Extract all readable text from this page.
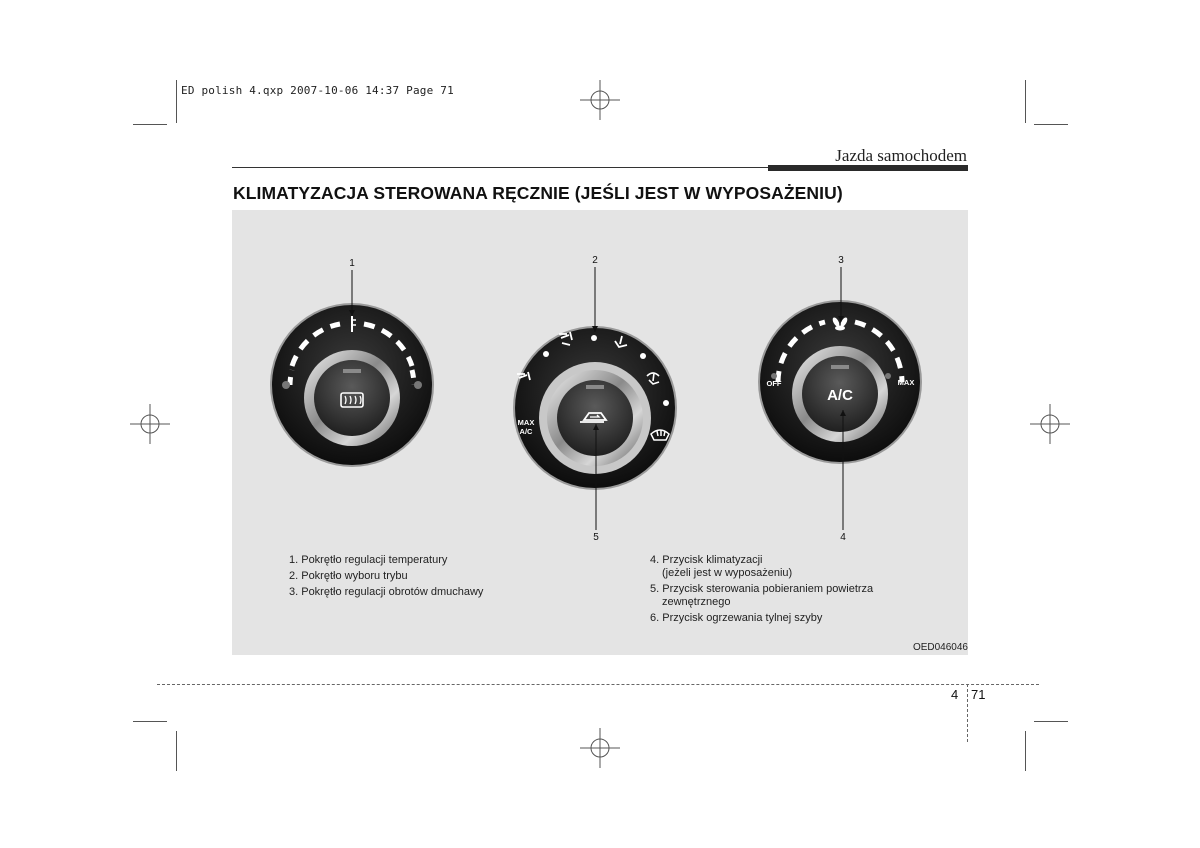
ED polish 4.qxp 2007-10-06 14:37 Page 71
Jazda samochodem
KLIMATYZACJA STEROWANA RĘCZNIE (JEŚLI JEST W WYPOSAŻENIU)
MAX
A/C
OFF	MAX
A/C
1	2	3
4
5
1. Pokrętło regulacji temperatury
2. Pokrętło wyboru trybu
3. Pokrętło regulacji obrotów dmuchawy
4. Przycisk klimatyzacji
(jeżeli jest w wyposażeniu)
5. Przycisk sterowania pobieraniem powietrza
zewnętrznego
6. Przycisk ogrzewania tylnej szyby
OED046046
4 71
